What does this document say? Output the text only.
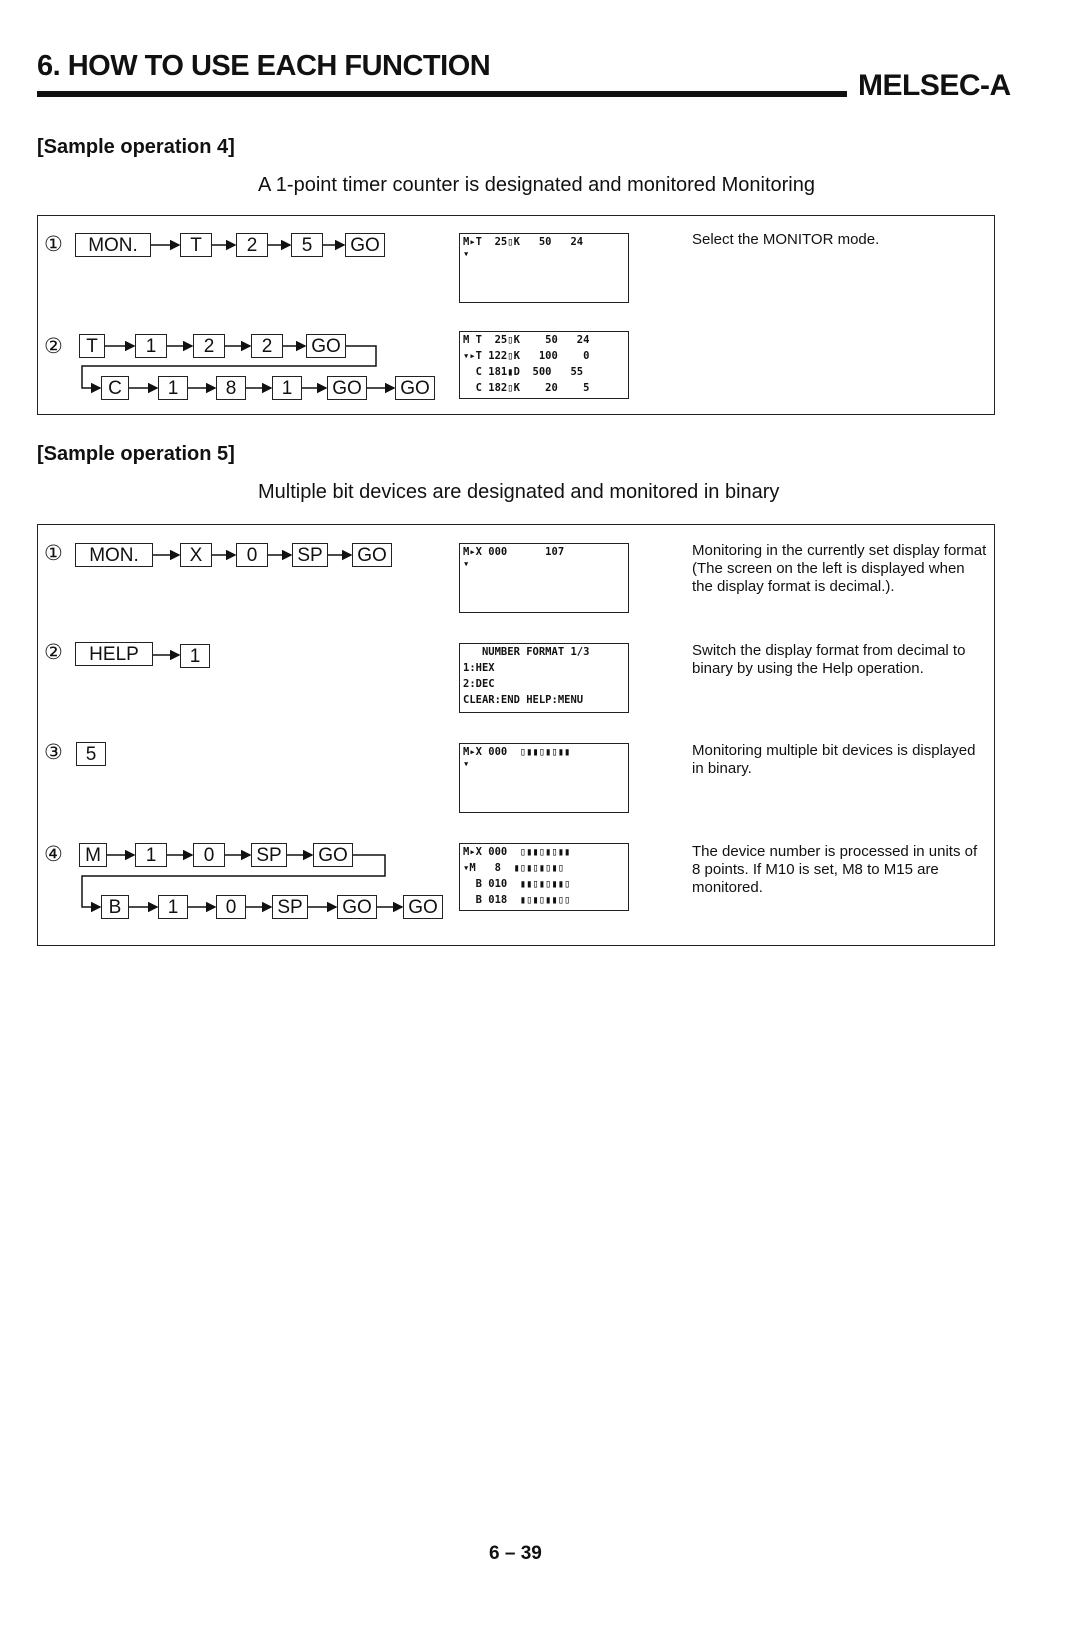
6. HOW TO USE EACH FUNCTION
MELSEC-A
[Sample operation 4]
A 1-point timer counter is designated and monitored Monitoring
①	MON.	T	2	5	GO	M▸T  25▯K   50   24
▾
Select the MONITOR mode.
②	T	1	2	2	GO
C	1	8	1	GO GO
M T  25▯K    50   24
▾▸T 122▯K   100    0
C 181▮D  500   55
C 182▯K    20    5
[Sample operation 5]
Multiple bit devices are designated and monitored in binary
①	MON.	X	0	SP GO	M▸X 000      107
▾
Monitoring in the currently set display format (The screen on the left is displayed when the display format is decimal.).
②	HELP	1	NUMBER FORMAT 1/3
1:HEX
2:DEC
CLEAR:END HELP:MENU
Switch the display format from decimal to binary by using the Help operation.
③	5	M▸X 000  ▯▮▮▯▮▯▮▮
▾
Monitoring multiple bit devices is displayed in binary.
④	M	1	0	SP GO
B	1	0	SP GO GO
M▸X 000  ▯▮▮▯▮▯▮▮
▾M   8  ▮▯▮▯▮▯▮▯
B 010  ▮▮▯▮▯▮▮▯
B 018  ▮▯▮▯▮▮▯▯
The device number is processed in units of 8 points. If M10 is set, M8 to M15 are monitored.
6 – 39
